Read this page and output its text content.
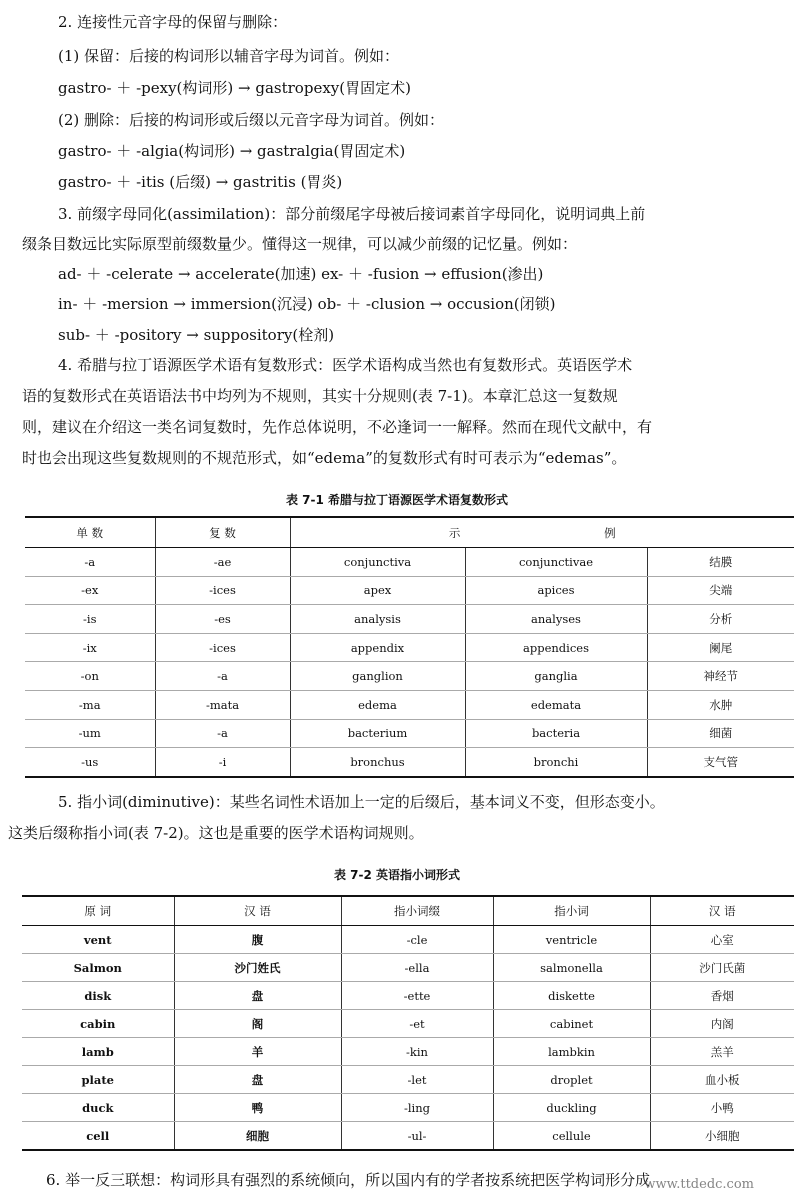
2. 连接性元音字母的保留与删除：
(1) 保留：后接的构词形以辅音字母为词首。例如：
gastro- ＋ -pexy(构词形) → gastropexy(胃固定术)
(2) 删除：后接的构词形或后缀以元音字母为词首。例如：
gastro- ＋ -algia(构词形) → gastralgia(胃固定术)
gastro- ＋ -itis (后缀) → gastritis (胃炎)
3. 前缀字母同化(assimilation)：部分前缀尾字母被后接词素首字母同化，说明词典上前
缀条目数远比实际原型前缀数量少。懂得这一规律，可以减少前缀的记忆量。例如：
ad- ＋ -celerate → accelerate(加速) ex- ＋ -fusion → effusion(渗出)
in- ＋ -mersion → immersion(沉浸) ob- ＋ -clusion → occusion(闭锁)
sub- ＋ -pository → suppository(栓剂)
4. 希腊与拉丁语源医学术语有复数形式：医学术语构成当然也有复数形式。英语医学术
语的复数形式在英语语法书中均列为不规则，其实十分规则(表 7-1)。本章汇总这一复数规
则，建议在介绍这一类名词复数时，先作总体说明，不必逢词一一解释。然而在现代文献中，有
时也会出现这些复数规则的不规范形式，如“edema”的复数形式有时可表示为“edemas”。
表 7-1 希腊与拉丁语源医学术语复数形式
单 数	复 数	示 例		
-a	-ae	conjunctiva	conjunctivae	结膜
-ex	-ices	apex	apices	尖端
-is	-es	analysis	analyses	分析
-ix	-ices	appendix	appendices	阑尾
-on	-a	ganglion	ganglia	神经节
-ma	-mata	edema	edemata	水肿
-um	-a	bacterium	bacteria	细菌
-us	-i	bronchus	bronchi	支气管
5. 指小词(diminutive)：某些名词性术语加上一定的后缀后，基本词义不变，但形态变小。
这类后缀称指小词(表 7-2)。这也是重要的医学术语构词规则。
表 7-2 英语指小词形式
原 词	汉 语	指小词缀	指小词	汉 语
vent	腹	-cle	ventricle	心室
Salmon	沙门姓氏	-ella	salmonella	沙门氏菌
disk	盘	-ette	diskette	香烟
cabin	阁	-et	cabinet	内阁
lamb	羊	-kin	lambkin	羔羊
plate	盘	-let	droplet	血小板
duck	鸭	-ling	duckling	小鸭
cell	细胞	-ul-	cellule	小细胞
6. 举一反三联想：构词形具有强烈的系统倾向，所以国内有的学者按系统把医学构词形分成
www.ttdedc.com
